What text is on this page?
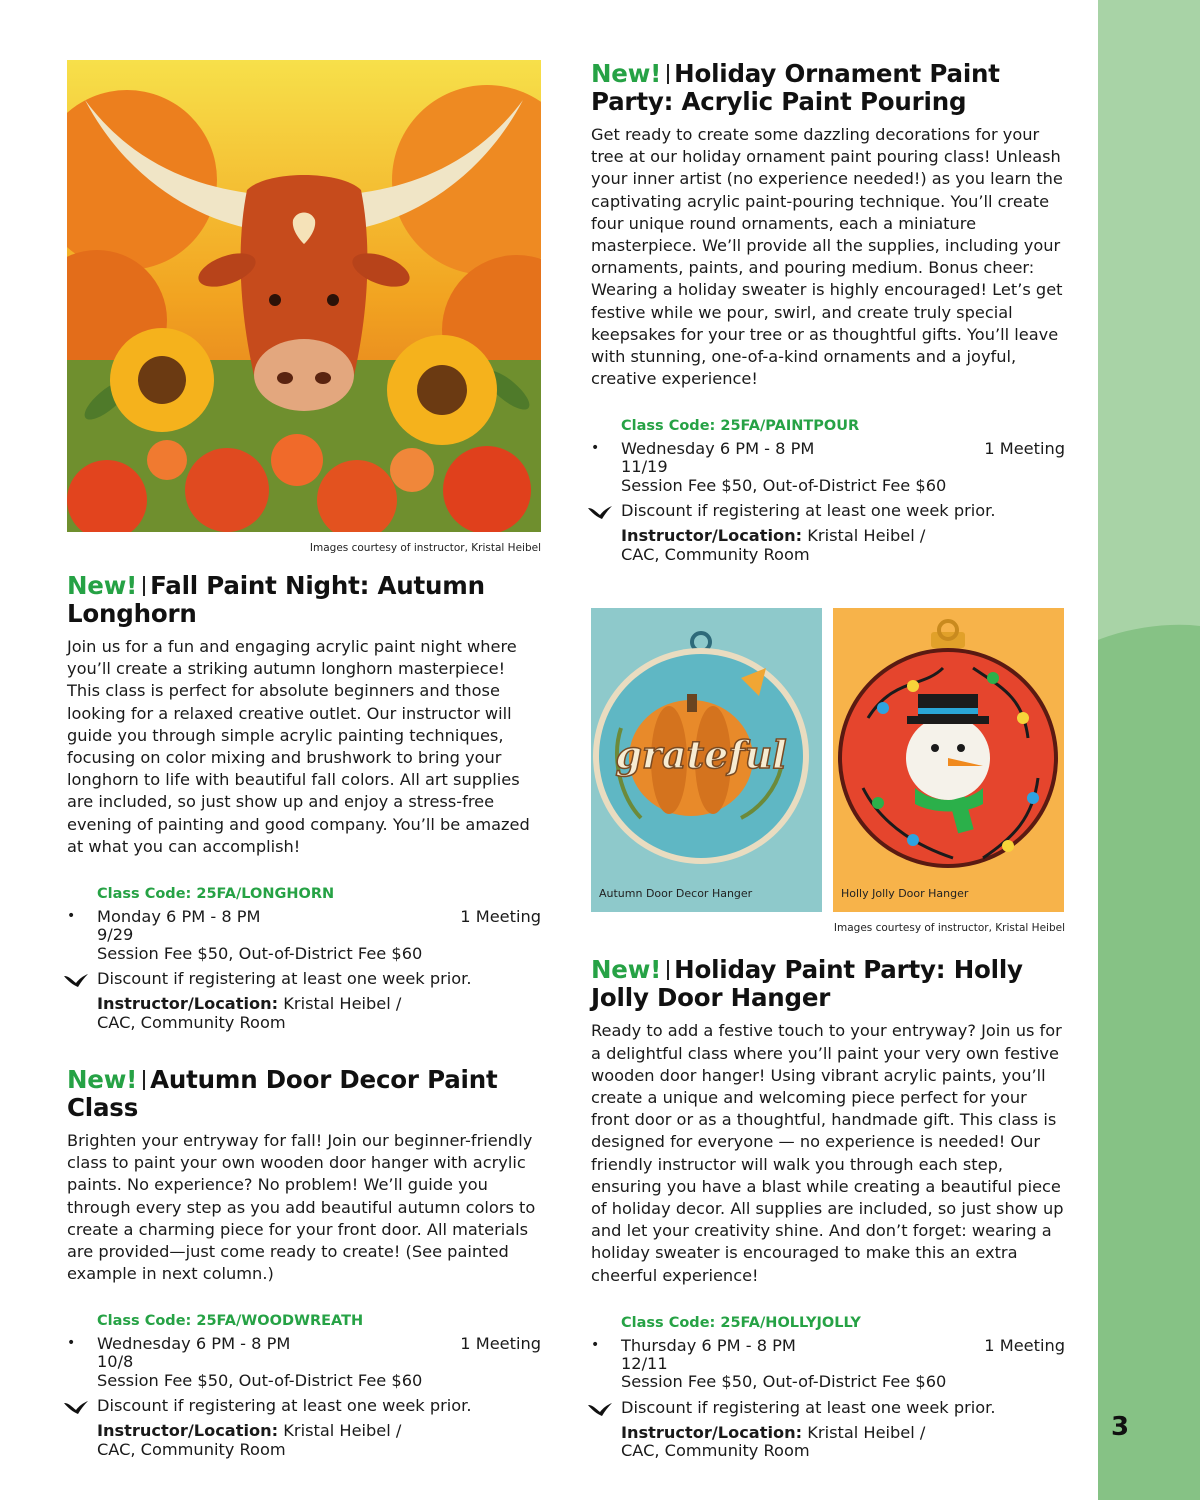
3
Images courtesy of instructor, Kristal Heibel
New! Fall Paint Night: Autumn Longhorn
Join us for a fun and engaging acrylic paint night where you’ll create a striking autumn longhorn masterpiece! This class is perfect for absolute beginners and those looking for a relaxed creative outlet. Our instructor will guide you through simple acrylic painting techniques, focusing on color mixing and brushwork to bring your longhorn to life with beautiful fall colors. All art supplies are included, so just show up and enjoy a stress-free evening of painting and good company. You’ll be amazed at what you can accomplish!
Class Code: 25FA/LONGHORN
• Monday 6 PM - 8 PM	1 Meeting
9/29
Session Fee $50, Out-of-District Fee $60
Discount if registering at least one week prior.
Instructor/Location: Kristal Heibel /
CAC, Community Room
New! Autumn Door Decor Paint Class
Brighten your entryway for fall! Join our beginner-friendly class to paint your own wooden door hanger with acrylic paints. No experience? No problem! We’ll guide you through every step as you add beautiful autumn colors to create a charming piece for your front door. All materials are provided—just come ready to create! (See painted example in next column.)
Class Code: 25FA/WOODWREATH
• Wednesday 6 PM - 8 PM	1 Meeting
10/8
Session Fee $50, Out-of-District Fee $60
Discount if registering at least one week prior.
Instructor/Location: Kristal Heibel /
CAC, Community Room
New! Holiday Ornament Paint Party: Acrylic Paint Pouring
Get ready to create some dazzling decorations for your tree at our holiday ornament paint pouring class! Unleash your inner artist (no experience needed!) as you learn the captivating acrylic paint-pouring technique. You’ll create four unique round ornaments, each a miniature masterpiece. We’ll provide all the supplies, including your ornaments, paints, and pouring medium. Bonus cheer: Wearing a holiday sweater is highly encouraged! Let’s get festive while we pour, swirl, and create truly special keepsakes for your tree or as thoughtful gifts. You’ll leave with stunning, one-of-a-kind ornaments and a joyful, creative experience!
Class Code: 25FA/PAINTPOUR
• Wednesday 6 PM - 8 PM	1 Meeting
11/19
Session Fee $50, Out-of-District Fee $60
Discount if registering at least one week prior.
Instructor/Location: Kristal Heibel /
CAC, Community Room
grateful
Autumn Door Decor Hanger	Holly Jolly Door Hanger
Images courtesy of instructor, Kristal Heibel
New! Holiday Paint Party: Holly Jolly Door Hanger
Ready to add a festive touch to your entryway? Join us for a delightful class where you’ll paint your very own festive wooden door hanger! Using vibrant acrylic paints, you’ll create a unique and welcoming piece perfect for your front door or as a thoughtful, handmade gift. This class is designed for everyone — no experience is needed! Our friendly instructor will walk you through each step, ensuring you have a blast while creating a beautiful piece of holiday decor. All supplies are included, so just show up and let your creativity shine. And don’t forget: wearing a holiday sweater is encouraged to make this an extra cheerful experience!
Class Code: 25FA/HOLLYJOLLY
• Thursday 6 PM - 8 PM	1 Meeting
12/11
Session Fee $50, Out-of-District Fee $60
Discount if registering at least one week prior.
Instructor/Location: Kristal Heibel /
CAC, Community Room
